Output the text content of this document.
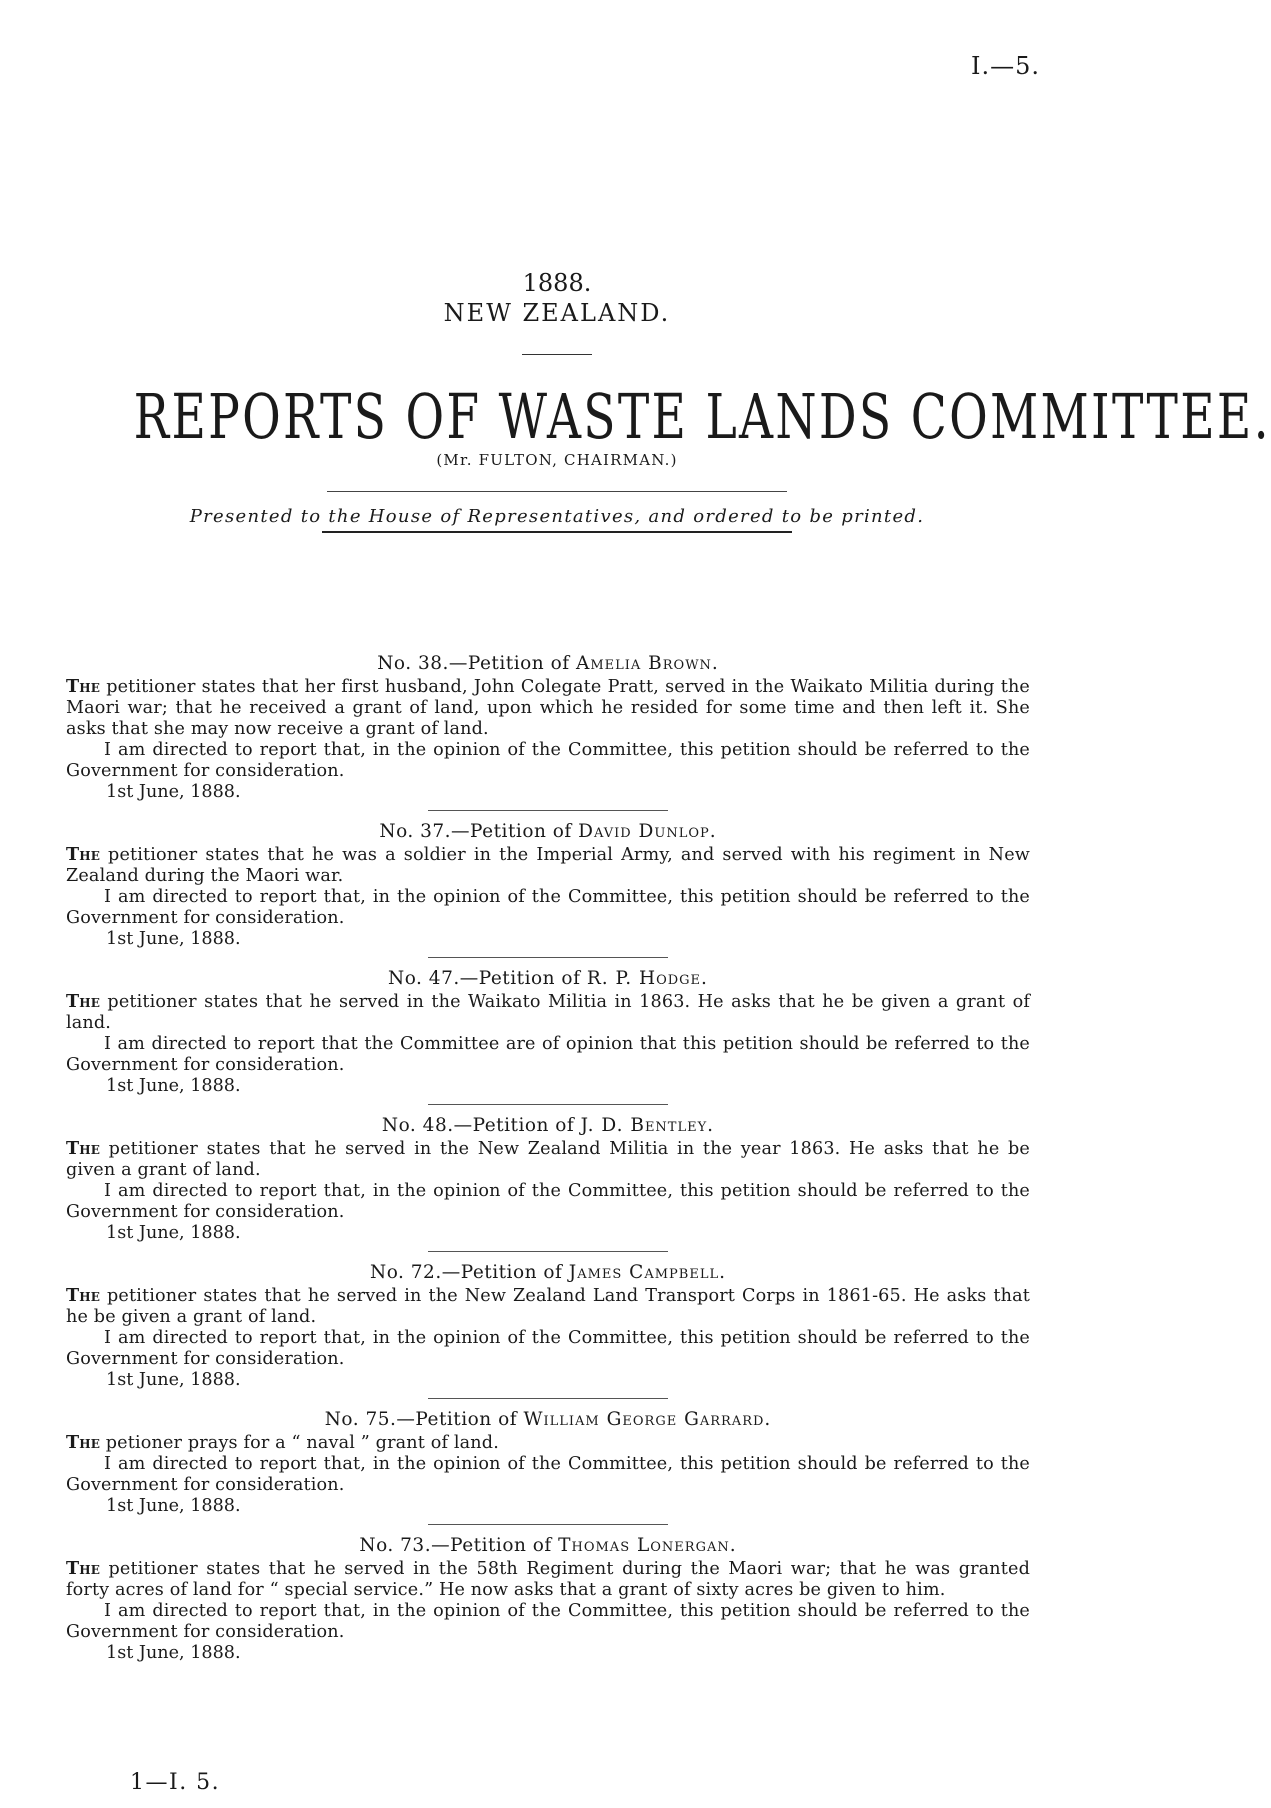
I.—5.
1888.
NEW ZEALAND.
REPORTS OF WASTE LANDS COMMITTEE.
(Mr. FULTON, CHAIRMAN.)
Presented to the House of Representatives, and ordered to be printed.
No. 38.—Petition of Amelia Brown.
The petitioner states that her first husband, John Colegate Pratt, served in the Waikato Militia during the Maori war; that he received a grant of land, upon which he resided for some time and then left it. She asks that she may now receive a grant of land.
I am directed to report that, in the opinion of the Committee, this petition should be referred to the Government for consideration.
1st June, 1888.
No. 37.—Petition of David Dunlop.
The petitioner states that he was a soldier in the Imperial Army, and served with his regiment in New Zealand during the Maori war.
I am directed to report that, in the opinion of the Committee, this petition should be referred to the Government for consideration.
1st June, 1888.
No. 47.—Petition of R. P. Hodge.
The petitioner states that he served in the Waikato Militia in 1863. He asks that he be given a grant of land.
I am directed to report that the Committee are of opinion that this petition should be referred to the Government for consideration.
1st June, 1888.
No. 48.—Petition of J. D. Bentley.
The petitioner states that he served in the New Zealand Militia in the year 1863. He asks that he be given a grant of land.
I am directed to report that, in the opinion of the Committee, this petition should be referred to the Government for consideration.
1st June, 1888.
No. 72.—Petition of James Campbell.
The petitioner states that he served in the New Zealand Land Transport Corps in 1861-65. He asks that he be given a grant of land.
I am directed to report that, in the opinion of the Committee, this petition should be referred to the Government for consideration.
1st June, 1888.
No. 75.—Petition of William George Garrard.
The petioner prays for a “ naval ” grant of land.
I am directed to report that, in the opinion of the Committee, this petition should be referred to the Government for consideration.
1st June, 1888.
No. 73.—Petition of Thomas Lonergan.
The petitioner states that he served in the 58th Regiment during the Maori war; that he was granted forty acres of land for “ special service.” He now asks that a grant of sixty acres be given to him.
I am directed to report that, in the opinion of the Committee, this petition should be referred to the Government for consideration.
1st June, 1888.
1—I. 5.
